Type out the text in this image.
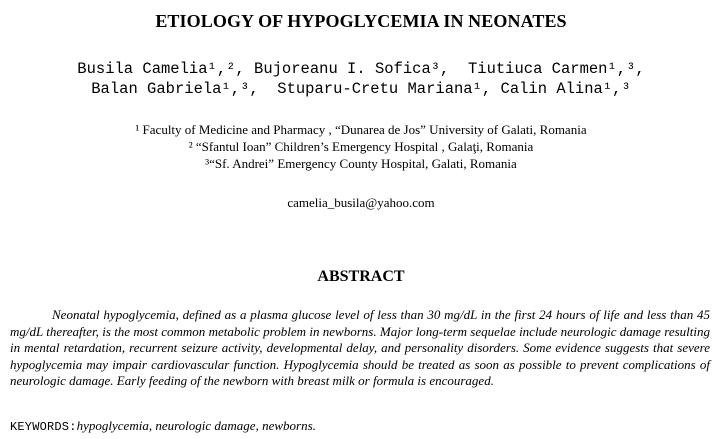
ETIOLOGY OF HYPOGLYCEMIA IN NEONATES
Busila Camelia¹,², Bujoreanu I. Sofica³,  Tiutiuca Carmen¹,³,
Balan Gabriela¹,³,  Stuparu-Cretu Mariana¹, Calin Alina¹,³
¹ Faculty of Medicine and Pharmacy , “Dunarea de Jos” University of Galati, Romania
² “Sfantul Ioan” Children’s Emergency Hospital , Galaţi, Romania
³“Sf. Andrei” Emergency County Hospital, Galati, Romania
camelia_busila@yahoo.com
ABSTRACT

Neonatal hypoglycemia, defined as a plasma glucose level of less than 30 mg/dL in the first 24 hours of life and less than 45 mg/dL thereafter, is the most common metabolic problem in newborns. Major long-term sequelae include neurologic damage resulting in mental retardation, recurrent seizure activity, developmental delay, and personality disorders. Some evidence suggests that severe hypoglycemia may impair cardiovascular function. Hypoglycemia should be treated as soon as possible to prevent complications of neurologic damage. Early feeding of the newborn with breast milk or formula is encouraged.

KEYWORDS:hypoglycemia, neurologic damage, newborns.
